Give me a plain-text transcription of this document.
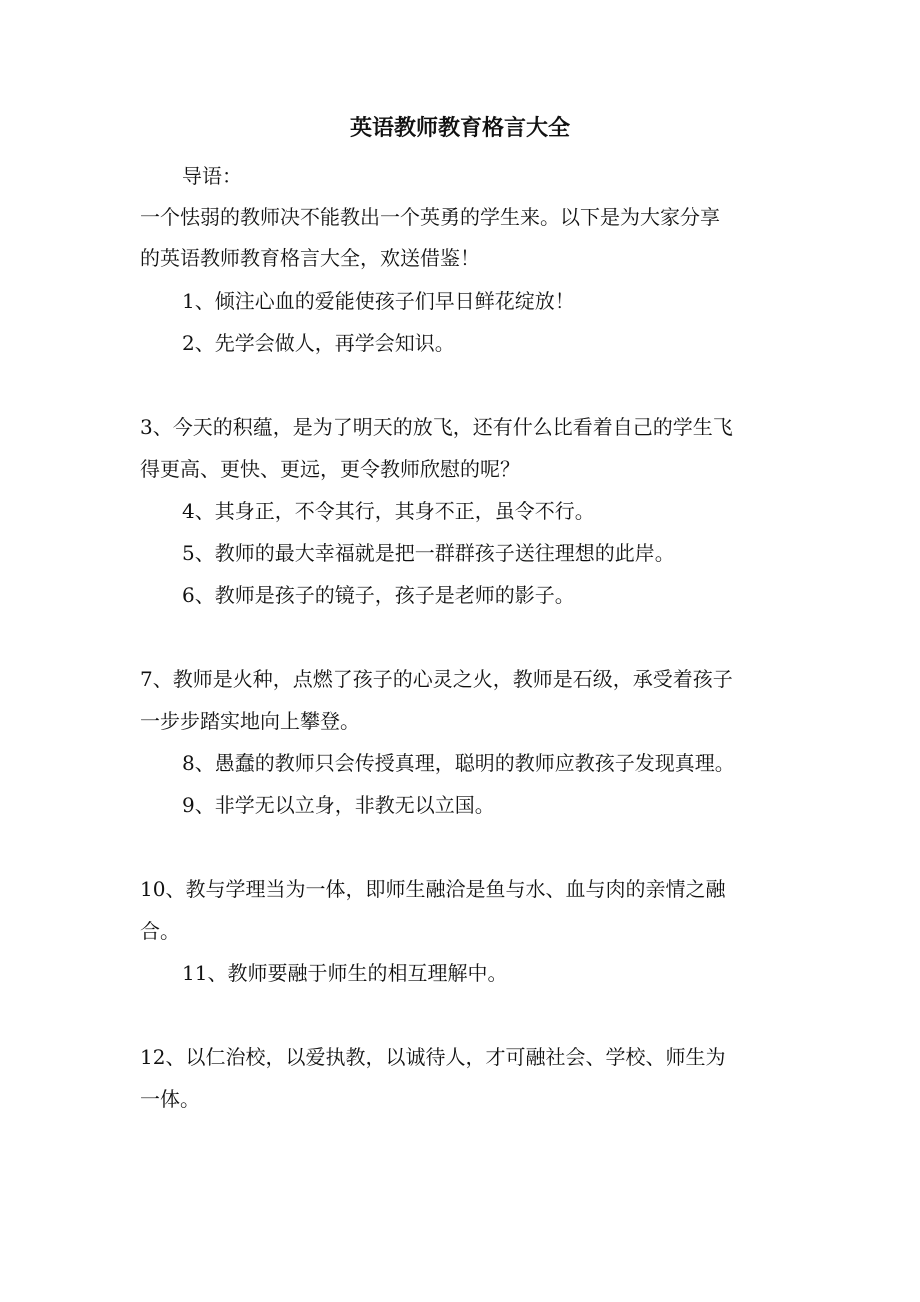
英语教师教育格言大全
导语：
一个怯弱的教师决不能教出一个英勇的学生来。以下是为大家分享
的英语教师教育格言大全，欢送借鉴！
1、倾注心血的爱能使孩子们早日鲜花绽放！
2、先学会做人，再学会知识。
3、今天的积蕴，是为了明天的放飞，还有什么比看着自己的学生飞
得更高、更快、更远，更令教师欣慰的呢？
4、其身正，不令其行，其身不正，虽令不行。
5、教师的最大幸福就是把一群群孩子送往理想的此岸。
6、教师是孩子的镜子，孩子是老师的影子。
7、教师是火种，点燃了孩子的心灵之火，教师是石级，承受着孩子
一步步踏实地向上攀登。
8、愚蠢的教师只会传授真理，聪明的教师应教孩子发现真理。
9、非学无以立身，非教无以立国。
10、教与学理当为一体，即师生融洽是鱼与水、血与肉的亲情之融
合。
11、教师要融于师生的相互理解中。
12、以仁治校，以爱执教，以诚待人，才可融社会、学校、师生为
一体。
